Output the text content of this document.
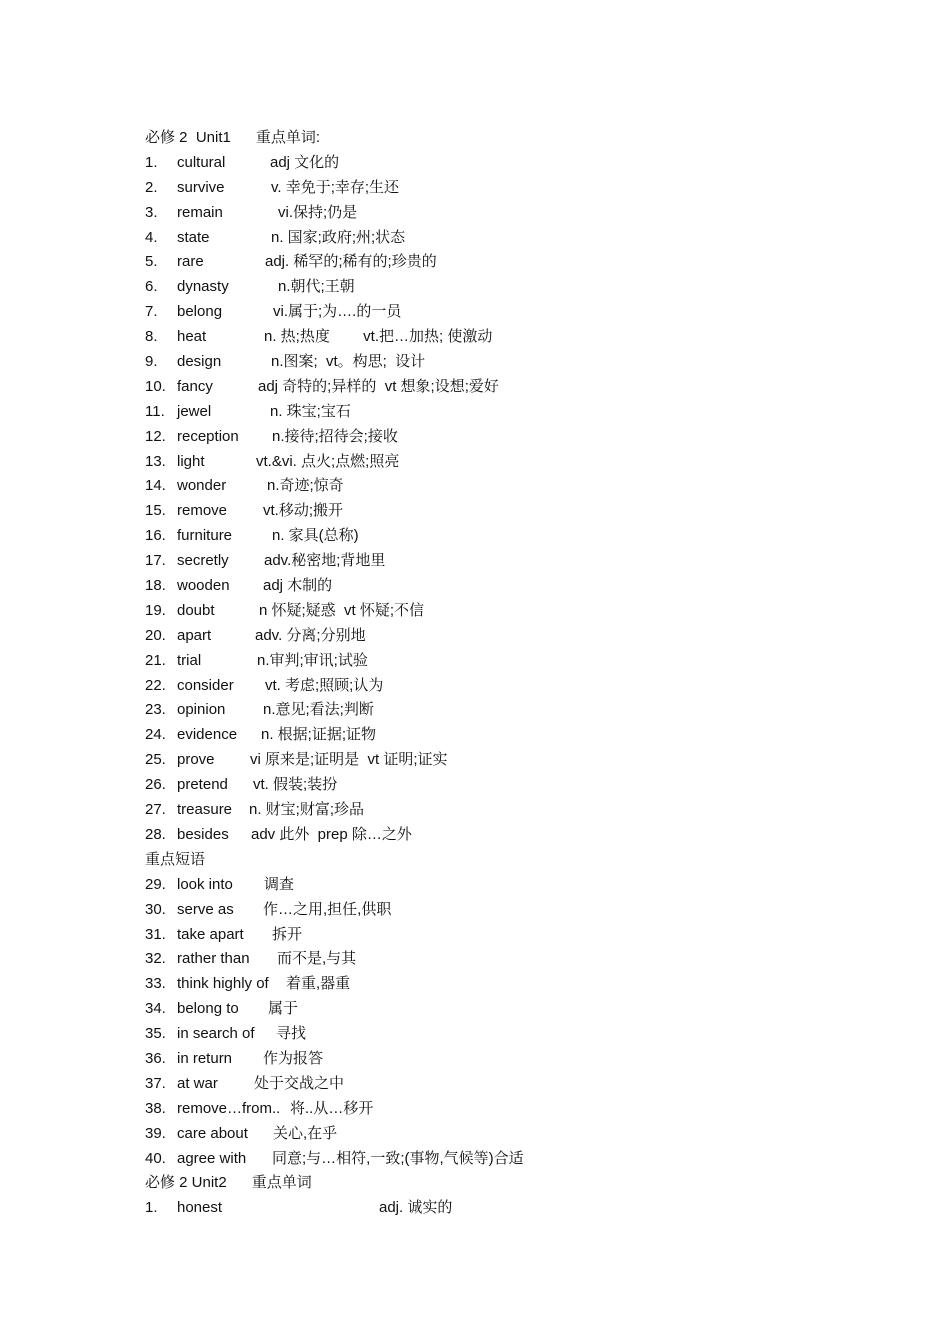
必修 2  Unit1      重点单词:
1. cultural	adj 文化的
2. survive	v. 幸免于;幸存;生还
3. remain	vi.保持;仍是
4. state	n. 国家;政府;州;状态
5. rare	adj. 稀罕的;稀有的;珍贵的
6. dynasty	n.朝代;王朝
7. belong	vi.属于;为….的一员
8. heat	n. 热;热度        vt.把…加热; 使激动
9. design	n.图案;  vt。构思;  设计
10. fancy	adj 奇特的;异样的  vt 想象;设想;爱好
11. jewel	n. 珠宝;宝石
12. reception n.接待;招待会;接收
13. light	vt.&vi. 点火;点燃;照亮
14. wonder	n.奇迹;惊奇
15. remove vt.移动;搬开
16. furniture	n. 家具(总称)
17. secretly adv.秘密地;背地里
18. wooden adj 木制的
19. doubt	n 怀疑;疑惑  vt 怀疑;不信
20. apart	adv. 分离;分别地
21. trial	n.审判;审讯;试验
22. consider vt. 考虑;照顾;认为
23. opinion	n.意见;看法;判断
24. evidence n. 根据;证据;证物
25. prove vi 原来是;证明是  vt 证明;证实
26. pretend vt. 假装;装扮
27. treasure n. 财宝;财富;珍品
28. besides adv 此外  prep 除…之外
重点短语
29. look into 调查
30. serve as 作…之用,担任,供职
31. take apart 拆开
32. rather than 而不是,与其
33. think highly of 着重,器重
34. belong to 属于
35. in search of 寻找
36. in return 作为报答
37. at war 处于交战之中
38. remove…from.. 将..从…移开
39. care about 关心,在乎
40. agree with 同意;与…相符,一致;(事物,气候等)合适
必修 2 Unit2      重点单词
1. honest	adj. 诚实的
